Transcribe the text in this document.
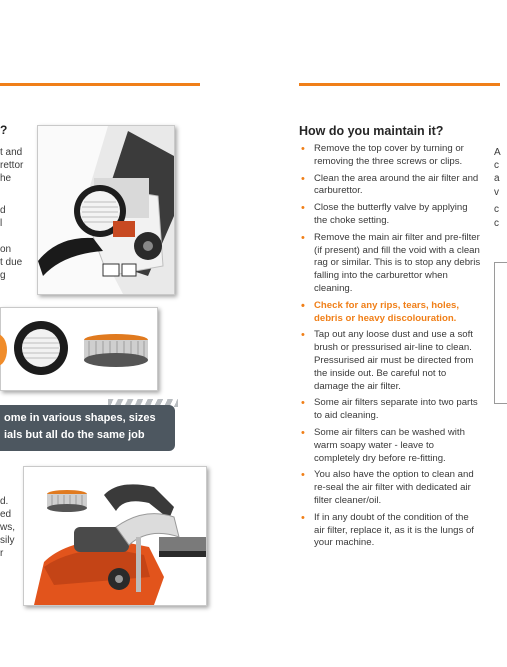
?
t and
rettor
he
d
l
on
t due
g
ome in various shapes, sizes
ials but all do the same job
d.
ed
ws,
sily
r
How do you maintain it?
• Remove the top cover by turning or removing the three screws or clips.
• Clean the area around the air filter and carburettor.
• Close the butterfly valve by applying the choke setting.
• Remove the main air filter and pre-filter (if present) and fill the void with a clean rag or similar. This is to stop any debris falling into the carburettor when cleaning.
• Check for any rips, tears, holes, debris or heavy discolouration.
• Tap out any loose dust and use a soft brush or pressurised air-line to clean. Pressurised air must be directed from the inside out. Be careful not to damage the air filter.
• Some air filters separate into two parts to aid cleaning.
• Some air filters can be washed with warm soapy water - leave to completely dry before re-fitting.
• You also have the option to clean and re-seal the air filter with dedicated air filter cleaner/oil.
• If in any doubt of the condition of the air filter, replace it, as it is the lungs of your machine.
A
c
a
v
c
c
